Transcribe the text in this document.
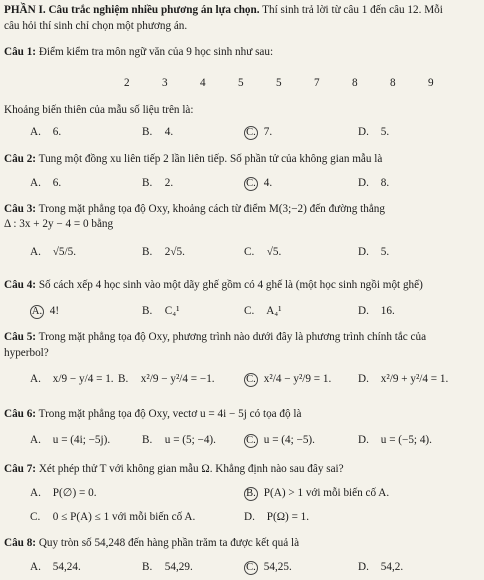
PHẦN I. Câu trắc nghiệm nhiều phương án lựa chọn. Thí sinh trả lời từ câu 1 đến câu 12. Mỗi
câu hỏi thí sinh chỉ chọn một phương án.
Câu 1: Điểm kiểm tra môn ngữ văn của 9 học sinh như sau:
2	3	4	5	5	7	8	8	9
Khoảng biến thiên của mẫu số liệu trên là:
A. 6.	B. 4.	C. 7.	D. 5.
Câu 2: Tung một đồng xu liên tiếp 2 lần liên tiếp. Số phần tử của không gian mẫu là
A. 6.	B. 2.	C. 4.	D. 8.
Câu 3: Trong mặt phẳng tọa độ Oxy, khoảng cách từ điểm M(3;−2) đến đường thẳng
Δ : 3x + 2y − 4 = 0 bằng
A. √5/5.	B. 2√5.	C. √5.	D. 5.
Câu 4: Số cách xếp 4 học sinh vào một dãy ghế gồm có 4 ghế là (một học sinh ngồi một ghế)
A. 4!	B. C₄¹	C. A₄¹	D. 16.
Câu 5: Trong mặt phẳng tọa độ Oxy, phương trình nào dưới đây là phương trình chính tắc của
hyperbol?
A. x/9 − y/4 = 1. B. x²/9 − y²/4 = −1.	C. x²/4 − y²/9 = 1. D. x²/9 + y²/4 = 1.
Câu 6: Trong mặt phẳng tọa độ Oxy, vectơ u = 4i − 5j có tọa độ là
A. u = (4i; −5j).	B. u = (5; −4).	C. u = (4; −5).	D. u = (−5; 4).
Câu 7: Xét phép thử T với không gian mẫu Ω. Khẳng định nào sau đây sai?
A. P(∅) = 0.	B. P(A) > 1 với mỗi biến cố A.
C. 0 ≤ P(A) ≤ 1 với mỗi biến cố A.	D. P(Ω) = 1.
Câu 8: Quy tròn số 54,248 đến hàng phần trăm ta được kết quả là
A. 54,24.	B. 54,29.	C. 54,25.	D. 54,2.
